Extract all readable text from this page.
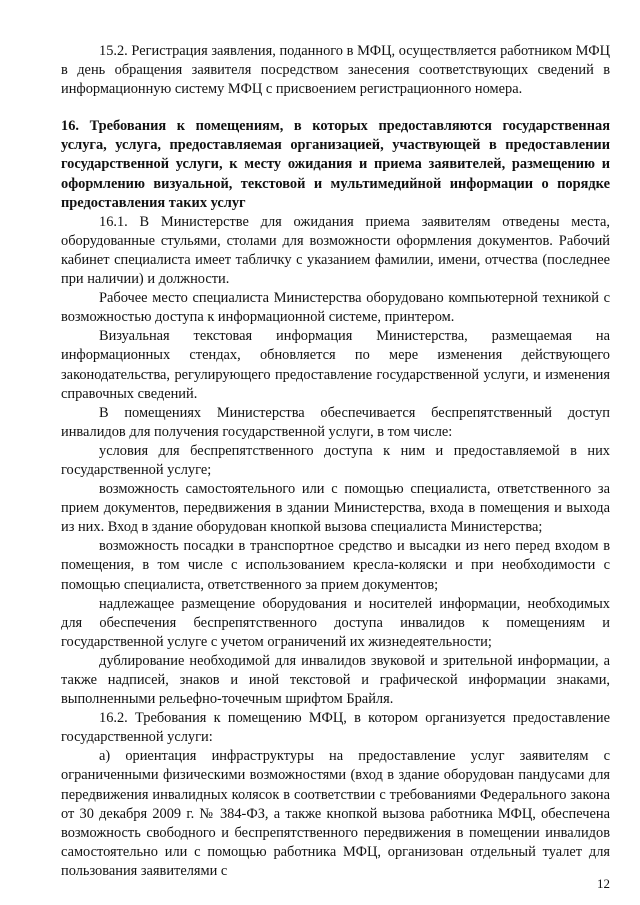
15.2. Регистрация заявления, поданного в МФЦ, осуществляется работником МФЦ в день обращения заявителя посредством занесения соответствующих сведений в информационную систему МФЦ с присвоением регистрационного номера.

16. Требования к помещениям, в которых предоставляются государственная услуга, услуга, предоставляемая организацией, участвующей в предоставлении государственной услуги, к месту ожидания и приема заявителей, размещению и оформлению визуальной, текстовой и мультимедийной информации о порядке предоставления таких услуг

16.1. В Министерстве для ожидания приема заявителям отведены места, оборудованные стульями, столами для возможности оформления документов. Рабочий кабинет специалиста имеет табличку с указанием фамилии, имени, отчества (последнее при наличии) и должности.

Рабочее место специалиста Министерства оборудовано компьютерной техникой с возможностью доступа к информационной системе, принтером.

Визуальная текстовая информация Министерства, размещаемая на информационных стендах, обновляется по мере изменения действующего законодательства, регулирующего предоставление государственной услуги, и изменения справочных сведений.

В помещениях Министерства обеспечивается беспрепятственный доступ инвалидов для получения государственной услуги, в том числе:

условия для беспрепятственного доступа к ним и предоставляемой в них государственной услуге;

возможность самостоятельного или с помощью специалиста, ответственного за прием документов, передвижения в здании Министерства, входа в помещения и выхода из них. Вход в здание оборудован кнопкой вызова специалиста Министерства;

возможность посадки в транспортное средство и высадки из него перед входом в помещения, в том числе с использованием кресла-коляски и при необходимости с помощью специалиста, ответственного за прием документов;

надлежащее размещение оборудования и носителей информации, необходимых для обеспечения беспрепятственного доступа инвалидов к помещениям и государственной услуге с учетом ограничений их жизнедеятельности;

дублирование необходимой для инвалидов звуковой и зрительной информации, а также надписей, знаков и иной текстовой и графической информации знаками, выполненными рельефно-точечным шрифтом Брайля.

16.2. Требования к помещению МФЦ, в котором организуется предоставление государственной услуги:

а) ориентация инфраструктуры на предоставление услуг заявителям с ограниченными физическими возможностями (вход в здание оборудован пандусами для передвижения инвалидных колясок в соответствии с требованиями Федерального закона от 30 декабря 2009 г. № 384-ФЗ, а также кнопкой вызова работника МФЦ, обеспечена возможность свободного и беспрепятственного передвижения в помещении инвалидов самостоятельно или с помощью работника МФЦ, организован отдельный туалет для пользования заявителями с

12
